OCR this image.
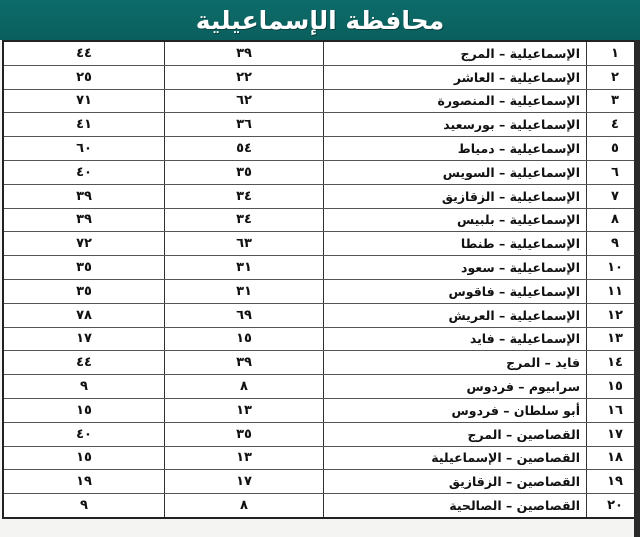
محافظة الإسماعيلية
١	الإسماعيلية – المرج	٣٩	٤٤
٢	الإسماعيلية – العاشر	٢٢	٢٥
٣	الإسماعيلية – المنصورة	٦٢	٧١
٤	الإسماعيلية – بورسعيد	٣٦	٤١
٥	الإسماعيلية – دمياط	٥٤	٦٠
٦	الإسماعيلية – السويس	٣٥	٤٠
٧	الإسماعيلية – الزقازيق	٣٤	٣٩
٨	الإسماعيلية – بلبيس	٣٤	٣٩
٩	الإسماعيلية – طنطا	٦٣	٧٢
١٠	الإسماعيلية – سعود	٣١	٣٥
١١	الإسماعيلية – فاقوس	٣١	٣٥
١٢	الإسماعيلية – العريش	٦٩	٧٨
١٣	الإسماعيلية – فايد	١٥	١٧
١٤	فايد – المرج	٣٩	٤٤
١٥	سرابيوم – فردوس	٨	٩
١٦	أبو سلطان – فردوس	١٣	١٥
١٧	القصاصين – المرج	٣٥	٤٠
١٨	القصاصين – الإسماعيلية	١٣	١٥
١٩	القصاصين – الزقازيق	١٧	١٩
٢٠	القصاصين – الصالحية	٨	٩
